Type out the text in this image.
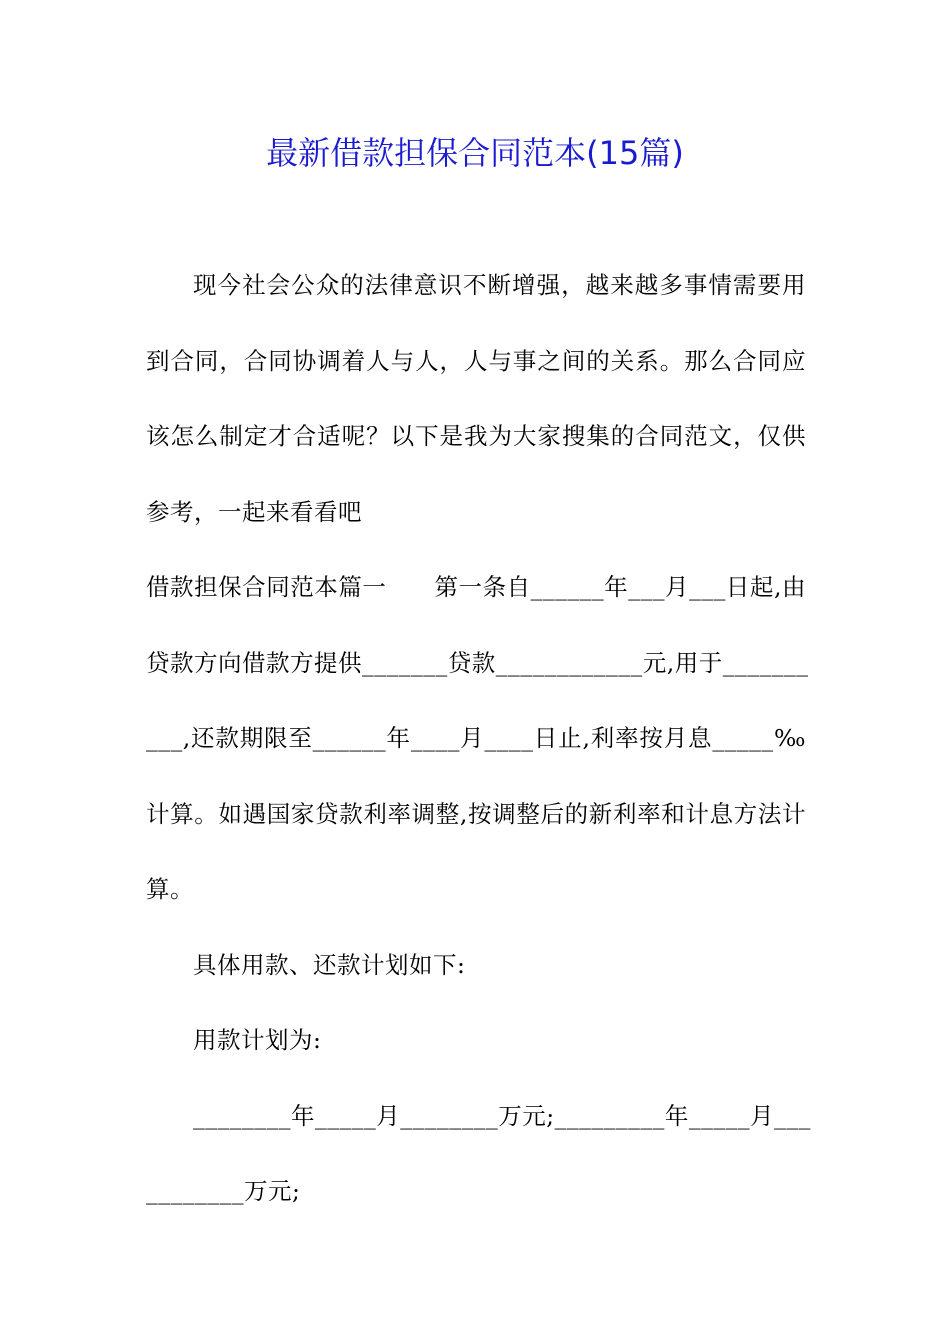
最新借款担保合同范本(15篇)
现今社会公众的法律意识不断增强，越来越多事情需要用
到合同，合同协调着人与人，人与事之间的关系。那么合同应
该怎么制定才合适呢？以下是我为大家搜集的合同范文，仅供
参考，一起来看看吧
借款担保合同范本篇一　　第一条自______年___月___日起,由
贷款方向借款方提供_______贷款____________元,用于_______
___,还款期限至______年____月____日止,利率按月息_____‰
计算。如遇国家贷款利率调整,按调整后的新利率和计息方法计
算。
具体用款、还款计划如下:
用款计划为:
________年_____月________万元;_________年_____月___
________万元;
